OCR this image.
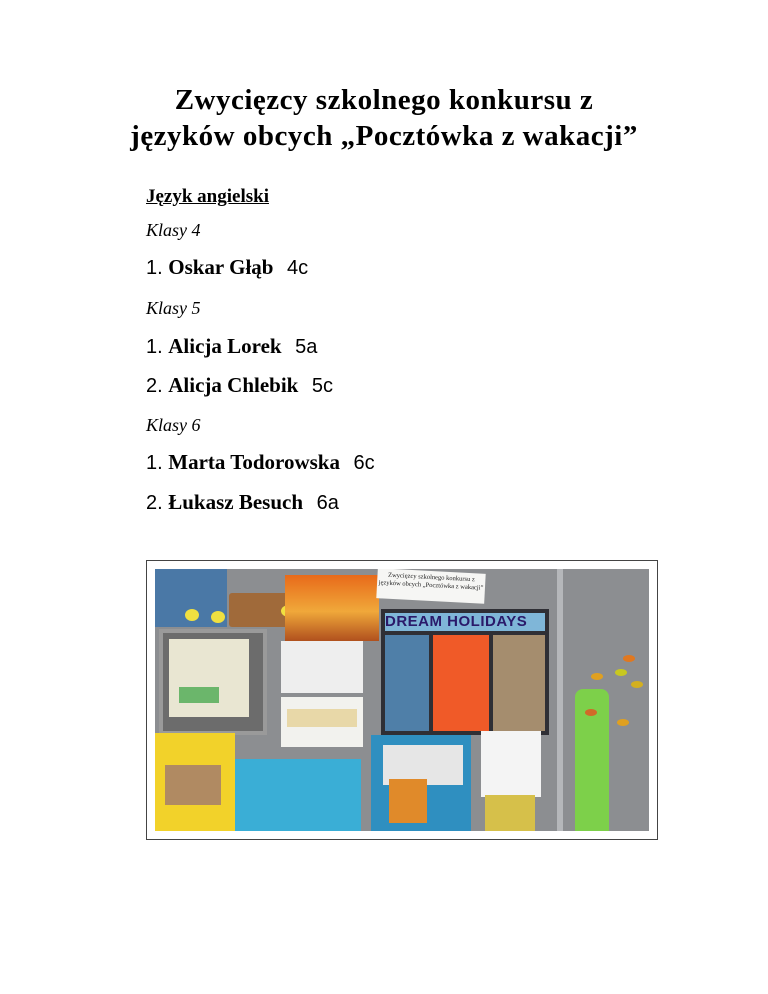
Zwycięzcy szkolnego konkursu z
języków obcych „Pocztówka z wakacji”
Język angielski
Klasy 4
1. Oskar Głąb 4c
Klasy 5
1. Alicja Lorek 5a
2. Alicja Chlebik 5c
Klasy 6
1. Marta Todorowska 6c
2. Łukasz Besuch 6a
Zwycięzcy szkolnego konkursu z języków obcych „Pocztówka z wakacji”
DREAM HOLIDAYS
